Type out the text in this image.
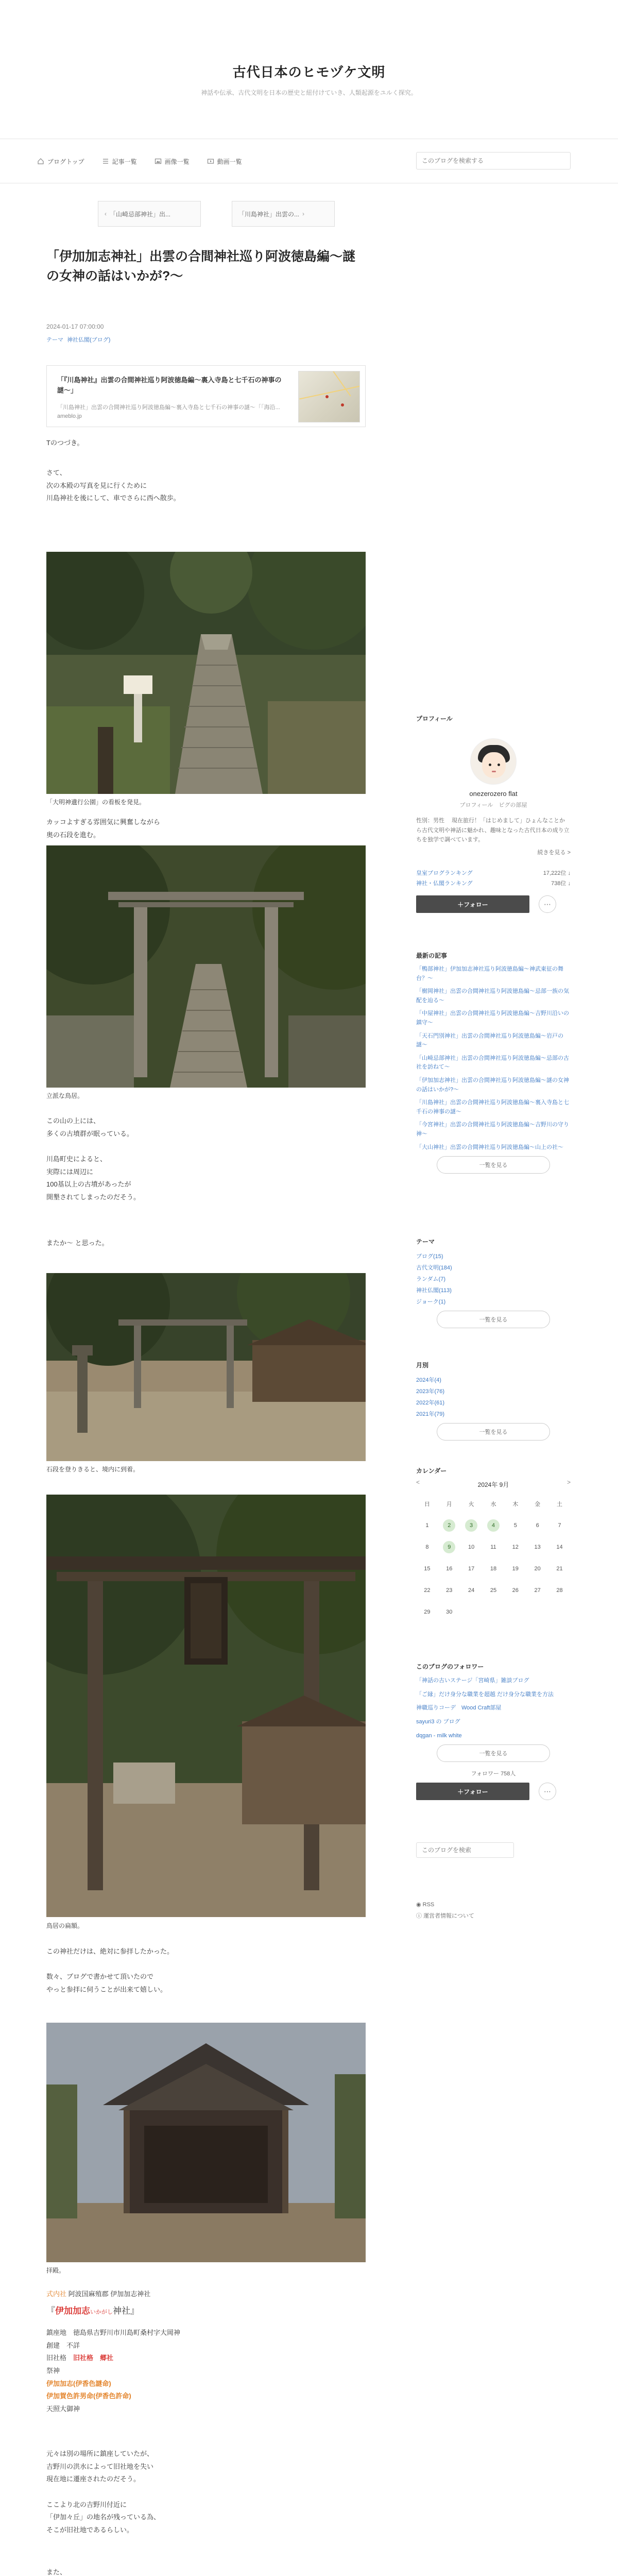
古代日本のヒモヅケ文明
神話や伝承、古代文明を日本の歴史と紐付けていき、人類起源をユルく探究。
ブログトップ	記事一覧	画像一覧	動画一覧
このブログを検索する
‹ 「山崎忌部神社」出...	「川島神社」出雲の... ›
「伊加加志神社」出雲の合間神社巡り阿波徳島編〜謎の女神の話はいかが?〜
2024-01-17 07:00:00
テーマ 神社仏閣(ブログ)
「『川島神社』出雲の合間神社巡り阿波徳島編〜裏入寺島と七千石の神事の謎〜」
「川島神社」出雲の合間神社巡り阿波徳島編〜裏入寺島と七千石の神事の謎〜「「海沿...
ameblo.jp

Tのつづき。

さて、

次の本殿の写真を見に行くために

川島神社を後にして、車でさらに西へ散歩。

「大明神遺行公園」の看板を発見。

カッコよすぎる雰囲気に興奮しながら

奥の石段を進む。

立派な鳥居。

この山の上には、

多くの古墳群が眠っている。

川島町史によると、

実際には周辺に

100基以上の古墳があったが

開墾されてしまったのだそう。

またか〜 と思った。

石段を登りきると、境内に到着。
鳥居の扁額。

この神社だけは、絶対に参拝したかった。

数々、ブログで書かせて頂いたので

やっと参拝に伺うことが出来て嬉しい。

拝殿。

式内社 阿波国麻殖郡 伊加加志神社

『伊加加志いかがし神社』

鎮座地　徳島県吉野川市川島町桑村字大岡神

創建　不詳

旧社格　旧社格　郷社

祭神

伊加加志(伊香色謎命)

伊加賀色許男命(伊香色許命)

天照大御神

元々は別の場所に鎮座していたが、

吉野川の洪水によって旧社地を失い

現在地に遷座されたのだそう。

ここより北の吉野川付近に

「伊加々丘」の地名が残っている為、

そこが旧社地であるらしい。

また、

プロフィール
onezerozero flat
プロフィール　ピグの部屋
性別：男性　 現在旅行！「はじめまして」ひょんなことから古代文明や神話に魅かれ、趣味となった古代日本の成り立ちを独学で調べています。
続きを見る >
皇室ブログランキング	17,222位 ↓
神社・仏閣ランキング	738位 ↓
＋フォロー	⋯
最新の記事
「鴨部神社」伊加加志神社巡り阿波徳島編〜神武東征の舞台？〜
「樹岡神社」出雲の合間神社巡り阿波徳島編〜忌部一族の気配を辿る〜
「中屋神社」出雲の合間神社巡り阿波徳島編〜吉野川沿いの鎮守〜
「天石門別神社」出雲の合間神社巡り阿波徳島編〜岩戸の謎〜
「山崎忌部神社」出雲の合間神社巡り阿波徳島編〜忌部の古社を訪ねて〜
「伊加加志神社」出雲の合間神社巡り阿波徳島編〜謎の女神の話はいかが?〜
「川島神社」出雲の合間神社巡り阿波徳島編〜裏入寺島と七千石の神事の謎〜
「今宮神社」出雲の合間神社巡り阿波徳島編〜吉野川の守り神〜
「大山神社」出雲の合間神社巡り阿波徳島編〜山上の社〜
一覧を見る
テーマ
ブログ(15)
古代文明(184)
ランダム(7)
神社仏閣(113)
ジョーク(1)
一覧を見る
月別
2024年(4)
2023年(76)
2022年(61)
2021年(79)
一覧を見る
カレンダー
<	>
2024年 9月
日	月	火	水	木	金	土
1	2	3	4	5	6	7
8	9	10	11	12	13	14
15	16	17	18	19	20	21
22	23	24	25	26	27	28
29	30					
このブログのフォロワー
「神話の古いステージ「宮崎県」雑談ブログ
「ご縁」だけ身分な職業を超越 だけ身分な職業を方法
神職巡りコーデ　Wood Craft部屋
sayuri3 の ブログ
dqgan - milk white
一覧を見る
フォロワー 758人
＋フォロー	⋯
このブログを検索
◉ RSS
ⓘ 運営者情報について
